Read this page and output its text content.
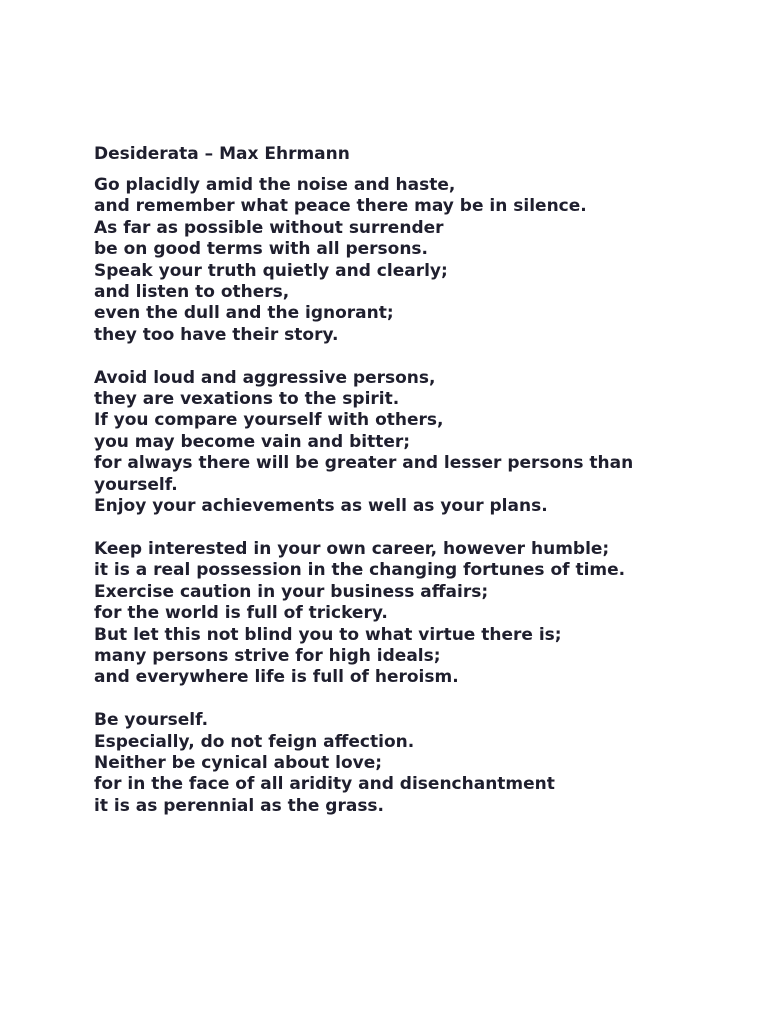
Desiderata – Max Ehrmann
Go placidly amid the noise and haste,
and remember what peace there may be in silence.
As far as possible without surrender
be on good terms with all persons.
Speak your truth quietly and clearly;
and listen to others,
even the dull and the ignorant;
they too have their story.
Avoid loud and aggressive persons,
they are vexations to the spirit.
If you compare yourself with others,
you may become vain and bitter;
for always there will be greater and lesser persons than
yourself.
Enjoy your achievements as well as your plans.
Keep interested in your own career, however humble;
it is a real possession in the changing fortunes of time.
Exercise caution in your business affairs;
for the world is full of trickery.
But let this not blind you to what virtue there is;
many persons strive for high ideals;
and everywhere life is full of heroism.
Be yourself.
Especially, do not feign affection.
Neither be cynical about love;
for in the face of all aridity and disenchantment
it is as perennial as the grass.
